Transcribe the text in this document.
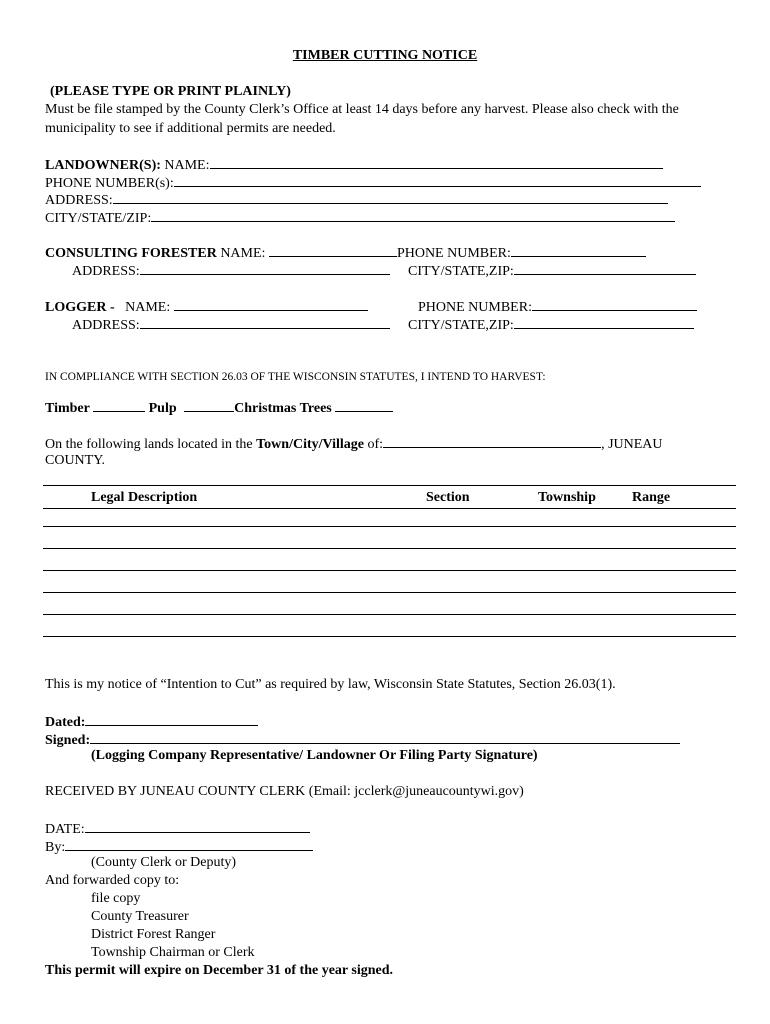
TIMBER CUTTING NOTICE
(PLEASE TYPE OR PRINT PLAINLY)
Must be file stamped by the County Clerk’s Office at least 14 days before any harvest. Please also check with the
municipality to see if additional permits are needed.
LANDOWNER(S): NAME:
PHONE NUMBER(s):
ADDRESS:
CITY/STATE/ZIP:
CONSULTING FORESTER NAME:	PHONE NUMBER:
ADDRESS:	CITY/STATE,ZIP:
LOGGER - NAME:	PHONE NUMBER:
ADDRESS:	CITY/STATE,ZIP:
IN COMPLIANCE WITH SECTION 26.03 OF THE WISCONSIN STATUTES, I INTEND TO HARVEST:
Timber	Pulp	Christmas Trees
On the following lands located in the Town/City/Village of:	, JUNEAU
COUNTY.
Legal Description	Section	Township	Range
This is my notice of “Intention to Cut” as required by law, Wisconsin State Statutes, Section 26.03(1).
Dated:
Signed:
(Logging Company Representative/ Landowner Or Filing Party Signature)
RECEIVED BY JUNEAU COUNTY CLERK (Email: jcclerk@juneaucountywi.gov)
DATE:
By:
(County Clerk or Deputy)
And forwarded copy to:
file copy
County Treasurer
District Forest Ranger
Township Chairman or Clerk
This permit will expire on December 31 of the year signed.
